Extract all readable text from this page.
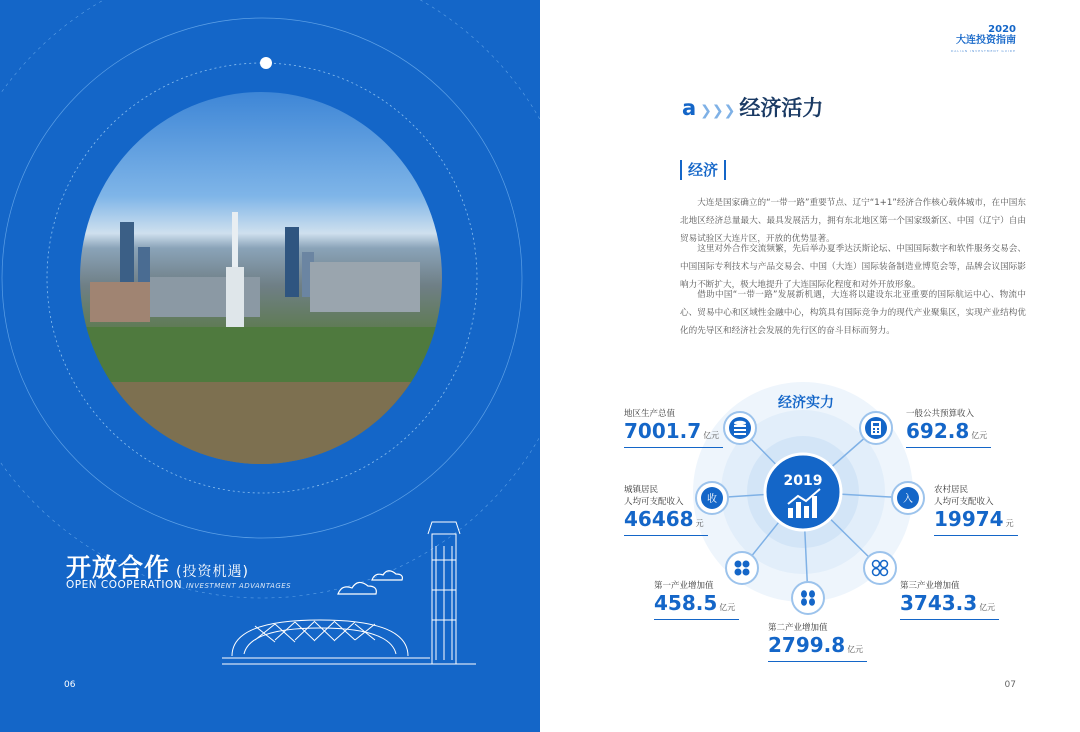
开放合作 (投资机遇)
OPEN COOPERATION INVESTMENT ADVANTAGES
06
2020
大连投资指南
DALIAN INVESTMENT GUIDE
a ❯❯❯ 经济活力
经济
大连是国家确立的“一带一路”重要节点、辽宁“1+1”经济合作核心载体城市，在中国东北地区经济总量最大、最具发展活力，拥有东北地区第一个国家级新区、中国（辽宁）自由贸易试验区大连片区，开放的优势显著。
这里对外合作交流频繁，先后举办夏季达沃斯论坛、中国国际数字和软件服务交易会、中国国际专利技术与产品交易会、中国（大连）国际装备制造业博览会等，品牌会议国际影响力不断扩大，极大地提升了大连国际化程度和对外开放形象。
借助中国“一带一路”发展新机遇，大连将以建设东北亚重要的国际航运中心、物流中心、贸易中心和区域性金融中心，构筑具有国际竞争力的现代产业聚集区，实现产业结构优化的先导区和经济社会发展的先行区的奋斗目标而努力。
2019
收	入
经济实力
地区生产总值
7001.7 亿元
一般公共预算收入
692.8 亿元
城镇居民
人均可支配收入
46468 元
农村居民
人均可支配收入
19974 元
第一产业增加值
458.5 亿元
第三产业增加值
3743.3 亿元
第二产业增加值
2799.8 亿元
07
